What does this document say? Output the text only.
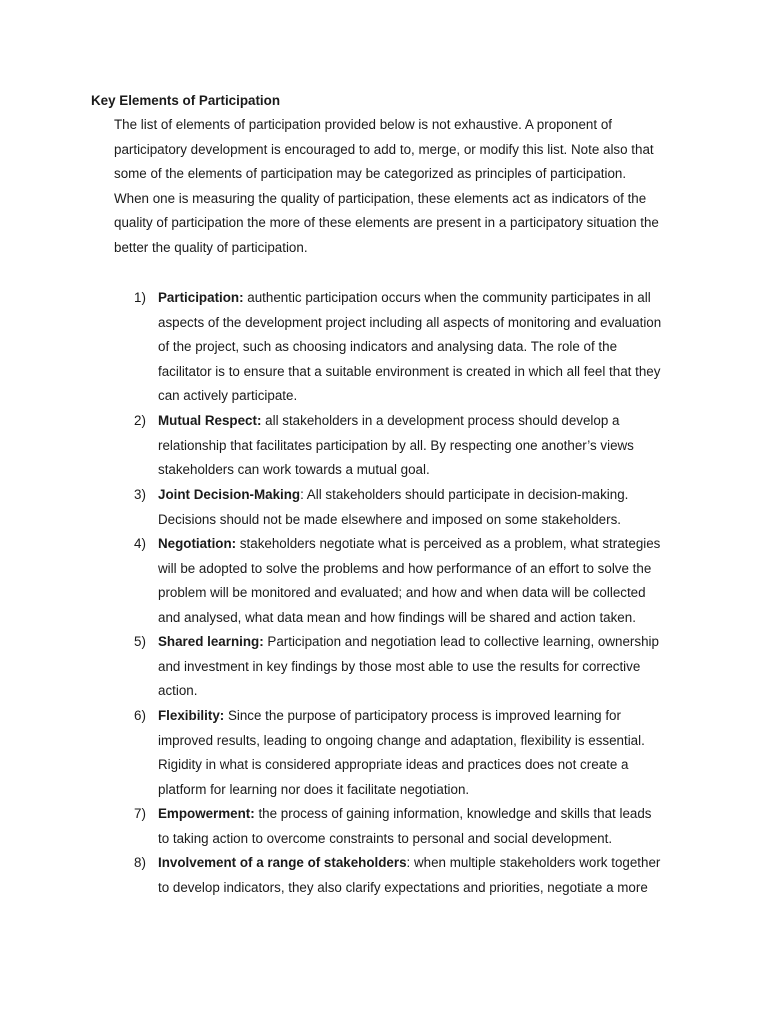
Key Elements of Participation
The list of elements of participation provided below is not exhaustive. A proponent of
participatory development is encouraged to add to, merge, or modify this list. Note also that
some of the elements of participation may be categorized as principles of participation.
When one is measuring the quality of participation, these elements act as indicators of the
quality of participation the more of these elements are present in a participatory situation the
better the quality of participation.
1) Participation: authentic participation occurs when the community participates in all
aspects of the development project including all aspects of monitoring and evaluation
of the project, such as choosing indicators and analysing data. The role of the
facilitator is to ensure that a suitable environment is created in which all feel that they
can actively participate.
2) Mutual Respect: all stakeholders in a development process should develop a
relationship that facilitates participation by all. By respecting one another’s views
stakeholders can work towards a mutual goal.
3) Joint Decision-Making: All stakeholders should participate in decision-making.
Decisions should not be made elsewhere and imposed on some stakeholders.
4) Negotiation: stakeholders negotiate what is perceived as a problem, what strategies
will be adopted to solve the problems and how performance of an effort to solve the
problem will be monitored and evaluated; and how and when data will be collected
and analysed, what data mean and how findings will be shared and action taken.
5) Shared learning: Participation and negotiation lead to collective learning, ownership
and investment in key findings by those most able to use the results for corrective
action.
6) Flexibility: Since the purpose of participatory process is improved learning for
improved results, leading to ongoing change and adaptation, flexibility is essential.
Rigidity in what is considered appropriate ideas and practices does not create a
platform for learning nor does it facilitate negotiation.
7) Empowerment: the process of gaining information, knowledge and skills that leads
to taking action to overcome constraints to personal and social development.
8) Involvement of a range of stakeholders: when multiple stakeholders work together
to develop indicators, they also clarify expectations and priorities, negotiate a more
